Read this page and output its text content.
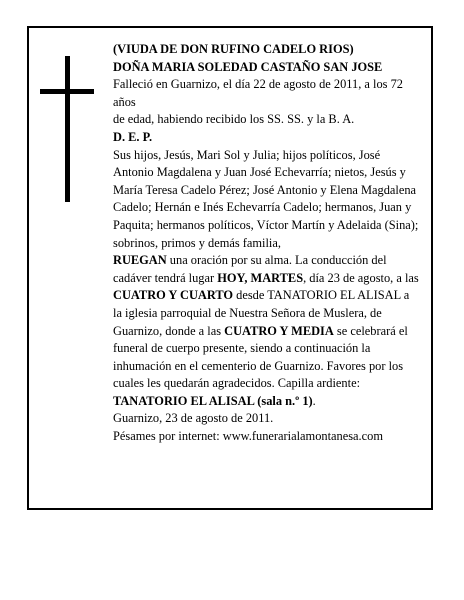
(VIUDA DE DON RUFINO CADELO RIOS)

DOÑA MARIA SOLEDAD CASTAÑO SAN JOSE

Falleció en Guarnizo, el día 22 de agosto de 2011, a los 72 años

de edad, habiendo recibido los SS. SS. y la B. A.

D. E. P.

Sus hijos, Jesús, Mari Sol y Julia; hijos políticos, José Antonio Magdalena y Juan José Echevarría; nietos, Jesús y María Teresa Cadelo Pérez; José Antonio y Elena Magdalena Cadelo; Hernán e Inés Echevarría Cadelo; hermanos, Juan y Paquita; hermanos políticos, Víctor Martín y Adelaida (Sina); sobrinos, primos y demás familia,

RUEGAN una oración por su alma. La conducción del cadáver tendrá lugar HOY, MARTES, día 23 de agosto, a las CUATRO Y CUARTO desde TANATORIO EL ALISAL a la iglesia parroquial de Nuestra Señora de Muslera, de Guarnizo, donde a las CUATRO Y MEDIA se celebrará el funeral de cuerpo presente, siendo a continuación la inhumación en el cementerio de Guarnizo. Favores por los cuales les quedarán agradecidos. Capilla ardiente: TANATORIO EL ALISAL (sala n.º 1).

Guarnizo, 23 de agosto de 2011.

Pésames por internet: www.funerarialamontanesa.com
